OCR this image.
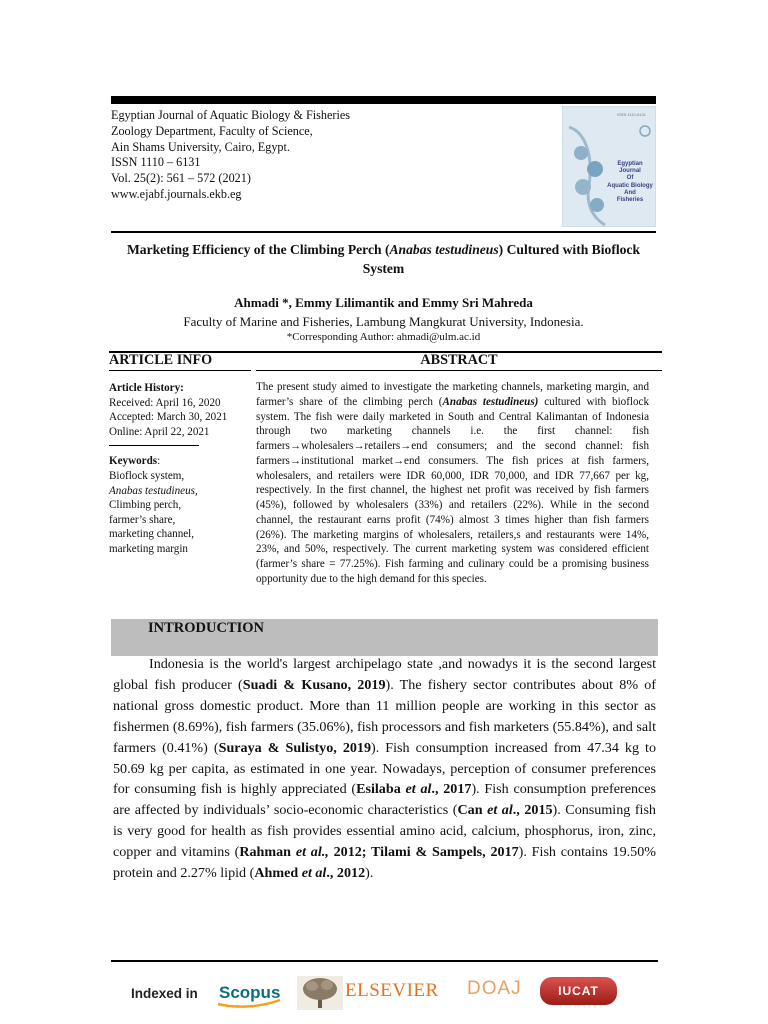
Egyptian Journal of Aquatic Biology & Fisheries
Zoology Department, Faculty of Science,
Ain Shams University, Cairo, Egypt.
ISSN 1110 – 6131
Vol. 25(2): 561 – 572 (2021)
www.ejabf.journals.ekb.eg
ISSN 1110-6131
Egyptian Journal
Of
Aquatic Biology
And
Fisheries
Marketing Efficiency of the Climbing Perch (Anabas testudineus) Cultured with Bioflock System
Ahmadi *, Emmy Lilimantik and Emmy Sri Mahreda
Faculty of Marine and Fisheries, Lambung Mangkurat University, Indonesia.
*Corresponding Author: ahmadi@ulm.ac.id
ARTICLE INFO	ABSTRACT
Article History:
Received: April 16, 2020
Accepted: March 30, 2021
Online: April 22, 2021
Keywords:
Bioflock system,
Anabas testudineus,
Climbing perch,
farmer’s share,
marketing channel,
marketing margin
The present study aimed to investigate the marketing channels, marketing margin, and farmer’s share of the climbing perch (Anabas testudineus) cultured with bioflock system. The fish were daily marketed in South and Central Kalimantan of Indonesia through two marketing channels i.e. the first channel: fish farmers→wholesalers→retailers→end consumers; and the second channel: fish farmers→institutional market→end consumers. The fish prices at fish farmers, wholesalers, and retailers were IDR 60,000, IDR 70,000, and IDR 77,667 per kg, respectively. In the first channel, the highest net profit was received by fish farmers (45%), followed by wholesalers (33%) and retailers (22%). While in the second channel, the restaurant earns profit (74%) almost 3 times higher than fish farmers (26%). The marketing margins of wholesalers, retailers,s and restaurants were 14%, 23%, and 50%, respectively. The current marketing system was considered efficient (farmer’s share = 77.25%). Fish farming and culinary could be a promising business opportunity due to the high demand for this species.
INTRODUCTION

Indonesia is the world's largest archipelago state ,and nowadys it is the second largest global fish producer (Suadi & Kusano, 2019). The fishery sector contributes about 8% of national gross domestic product. More than 11 million people are working in this sector as fishermen (8.69%), fish farmers (35.06%), fish processors and fish marketers (55.84%), and salt farmers (0.41%) (Suraya & Sulistyo, 2019). Fish consumption increased from 47.34 kg to 50.69 kg per capita, as estimated in one year. Nowadays, perception of consumer preferences for consuming fish is highly appreciated (Esilaba et al., 2017). Fish consumption preferences are affected by individuals’ socio-economic characteristics (Can et al., 2015). Consuming fish is very good for health as fish provides essential amino acid, calcium, phosphorus, iron, zinc, copper and vitamins (Rahman et al., 2012; Tilami & Sampels, 2017). Fish contains 19.50% protein and 2.27% lipid (Ahmed et al., 2012).

Indexed in Scopus	ELSEVIER DOAJ	IUCAT
